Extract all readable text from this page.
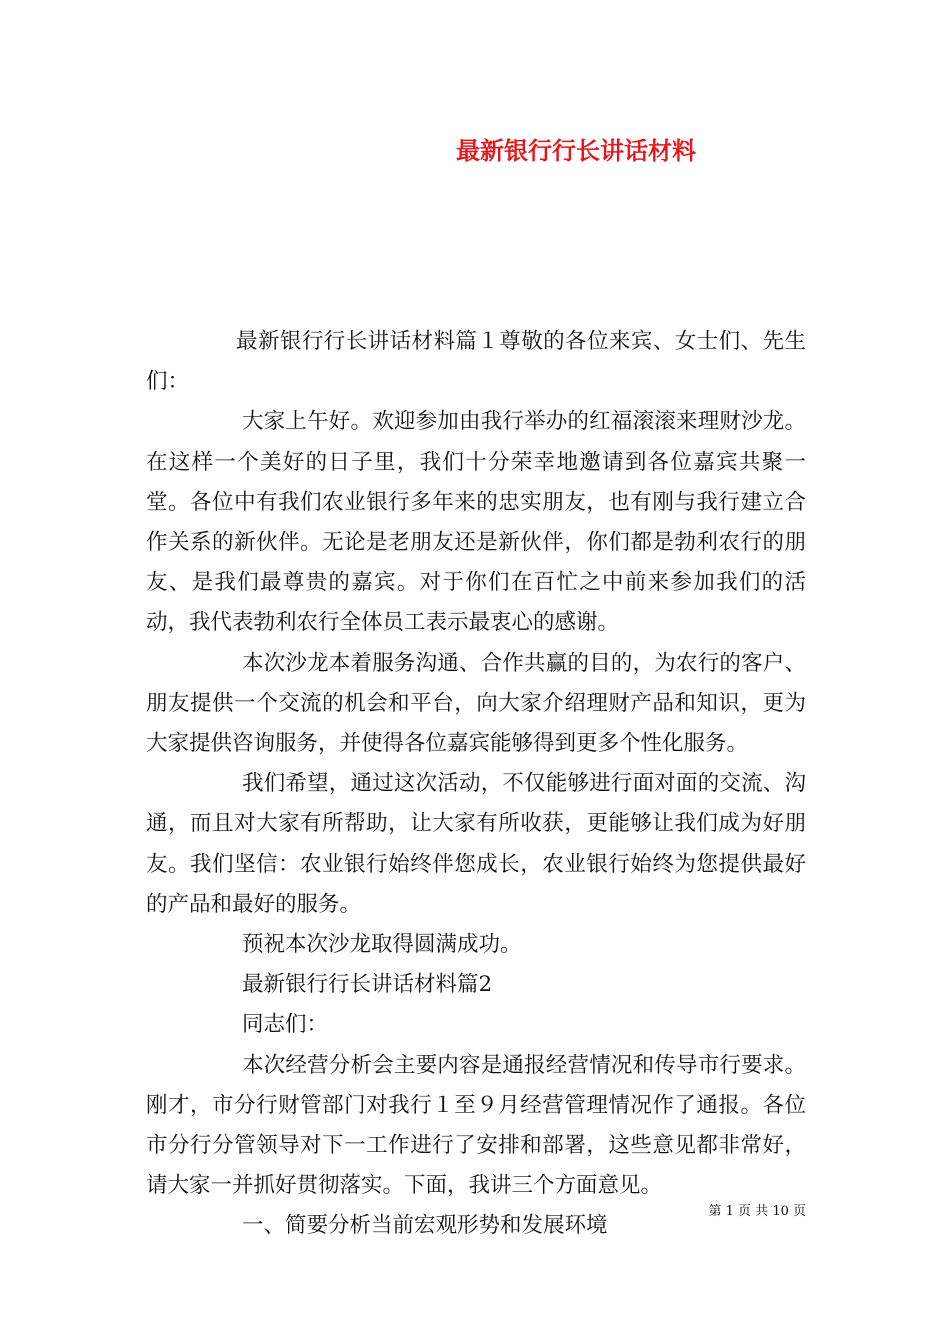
最新银行行长讲话材料

最新银行行长讲话材料篇１尊敬的各位来宾、女士们、先生们：

大家上午好。欢迎参加由我行举办的红福滚滚来理财沙龙。在这样一个美好的日子里，我们十分荣幸地邀请到各位嘉宾共聚一堂。各位中有我们农业银行多年来的忠实朋友，也有刚与我行建立合作关系的新伙伴。无论是老朋友还是新伙伴，你们都是勃利农行的朋友、是我们最尊贵的嘉宾。对于你们在百忙之中前来参加我们的活动，我代表勃利农行全体员工表示最衷心的感谢。

本次沙龙本着服务沟通、合作共赢的目的，为农行的客户、朋友提供一个交流的机会和平台，向大家介绍理财产品和知识，更为大家提供咨询服务，并使得各位嘉宾能够得到更多个性化服务。

我们希望，通过这次活动，不仅能够进行面对面的交流、沟通，而且对大家有所帮助，让大家有所收获，更能够让我们成为好朋友。我们坚信：农业银行始终伴您成长，农业银行始终为您提供最好的产品和最好的服务。

预祝本次沙龙取得圆满成功。

最新银行行长讲话材料篇2

同志们：

本次经营分析会主要内容是通报经营情况和传导市行要求。刚才，市分行财管部门对我行１至９月经营管理情况作了通报。各位市分行分管领导对下一工作进行了安排和部署，这些意见都非常好，请大家一并抓好贯彻落实。下面，我讲三个方面意见。

一、简要分析当前宏观形势和发展环境

第 1 页 共 10 页
